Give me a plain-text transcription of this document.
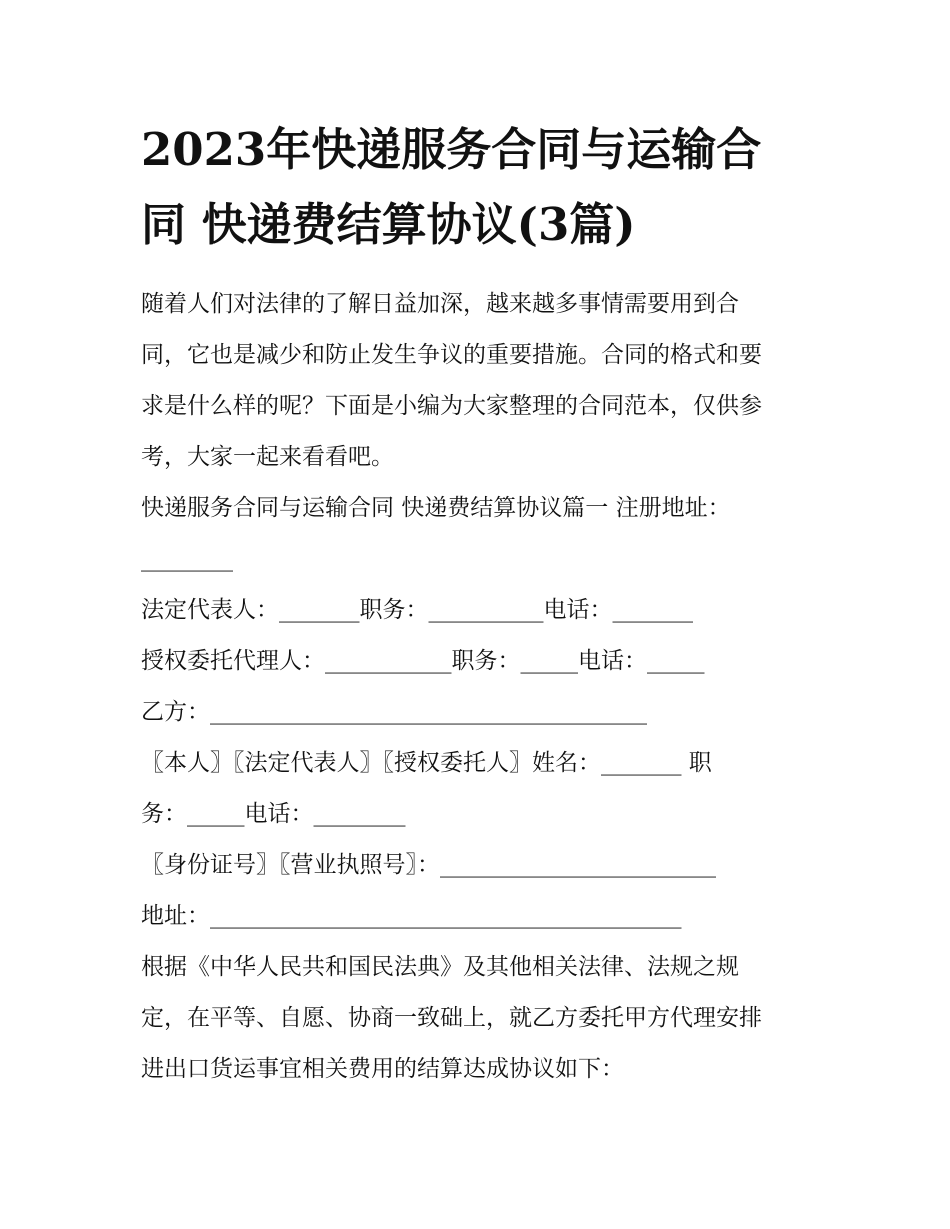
2023年快递服务合同与运输合
同 快递费结算协议(3篇)

随着人们对法律的了解日益加深，越来越多事情需要用到合

同，它也是减少和防止发生争议的重要措施。合同的格式和要

求是什么样的呢？下面是小编为大家整理的合同范本，仅供参

考，大家一起来看看吧。

快递服务合同与运输合同 快递费结算协议篇一 注册地址：

________

法定代表人：_______职务：__________电话：_______

授权委托代理人：___________职务：_____电话：_____

乙方：______________________________________

〖本人〗〖法定代表人〗〖授权委托人〗姓名：_______ 职

务：_____电话：________

〖身份证号〗〖营业执照号〗：________________________

地址：_________________________________________

根据《中华人民共和国民法典》及其他相关法律、法规之规

定，在平等、自愿、协商一致础上，就乙方委托甲方代理安排

进出口货运事宜相关费用的结算达成协议如下：
